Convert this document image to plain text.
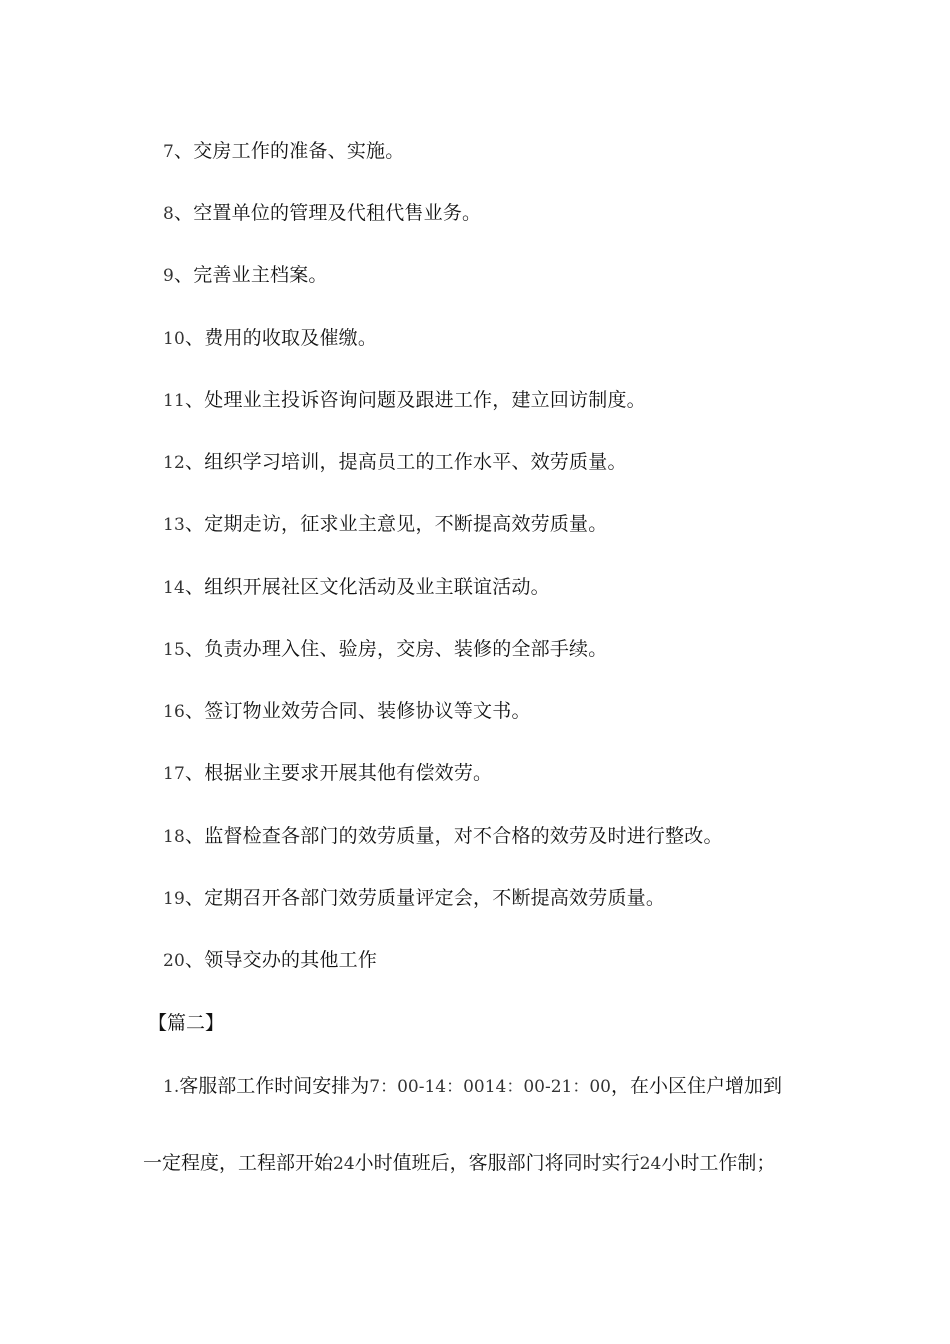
7、交房工作的准备、实施。
8、空置单位的管理及代租代售业务。
9、完善业主档案。
10、费用的收取及催缴。
11、处理业主投诉咨询问题及跟进工作，建立回访制度。
12、组织学习培训，提高员工的工作水平、效劳质量。
13、定期走访，征求业主意见，不断提高效劳质量。
14、组织开展社区文化活动及业主联谊活动。
15、负责办理入住、验房，交房、装修的全部手续。
16、签订物业效劳合同、装修协议等文书。
17、根据业主要求开展其他有偿效劳。
18、监督检查各部门的效劳质量，对不合格的效劳及时进行整改。
19、定期召开各部门效劳质量评定会，不断提高效劳质量。
20、领导交办的其他工作
【篇二】
1.客服部工作时间安排为7：00-14：0014：00-21：00，在小区住户增加到
一定程度，工程部开始24小时值班后，客服部门将同时实行24小时工作制；
